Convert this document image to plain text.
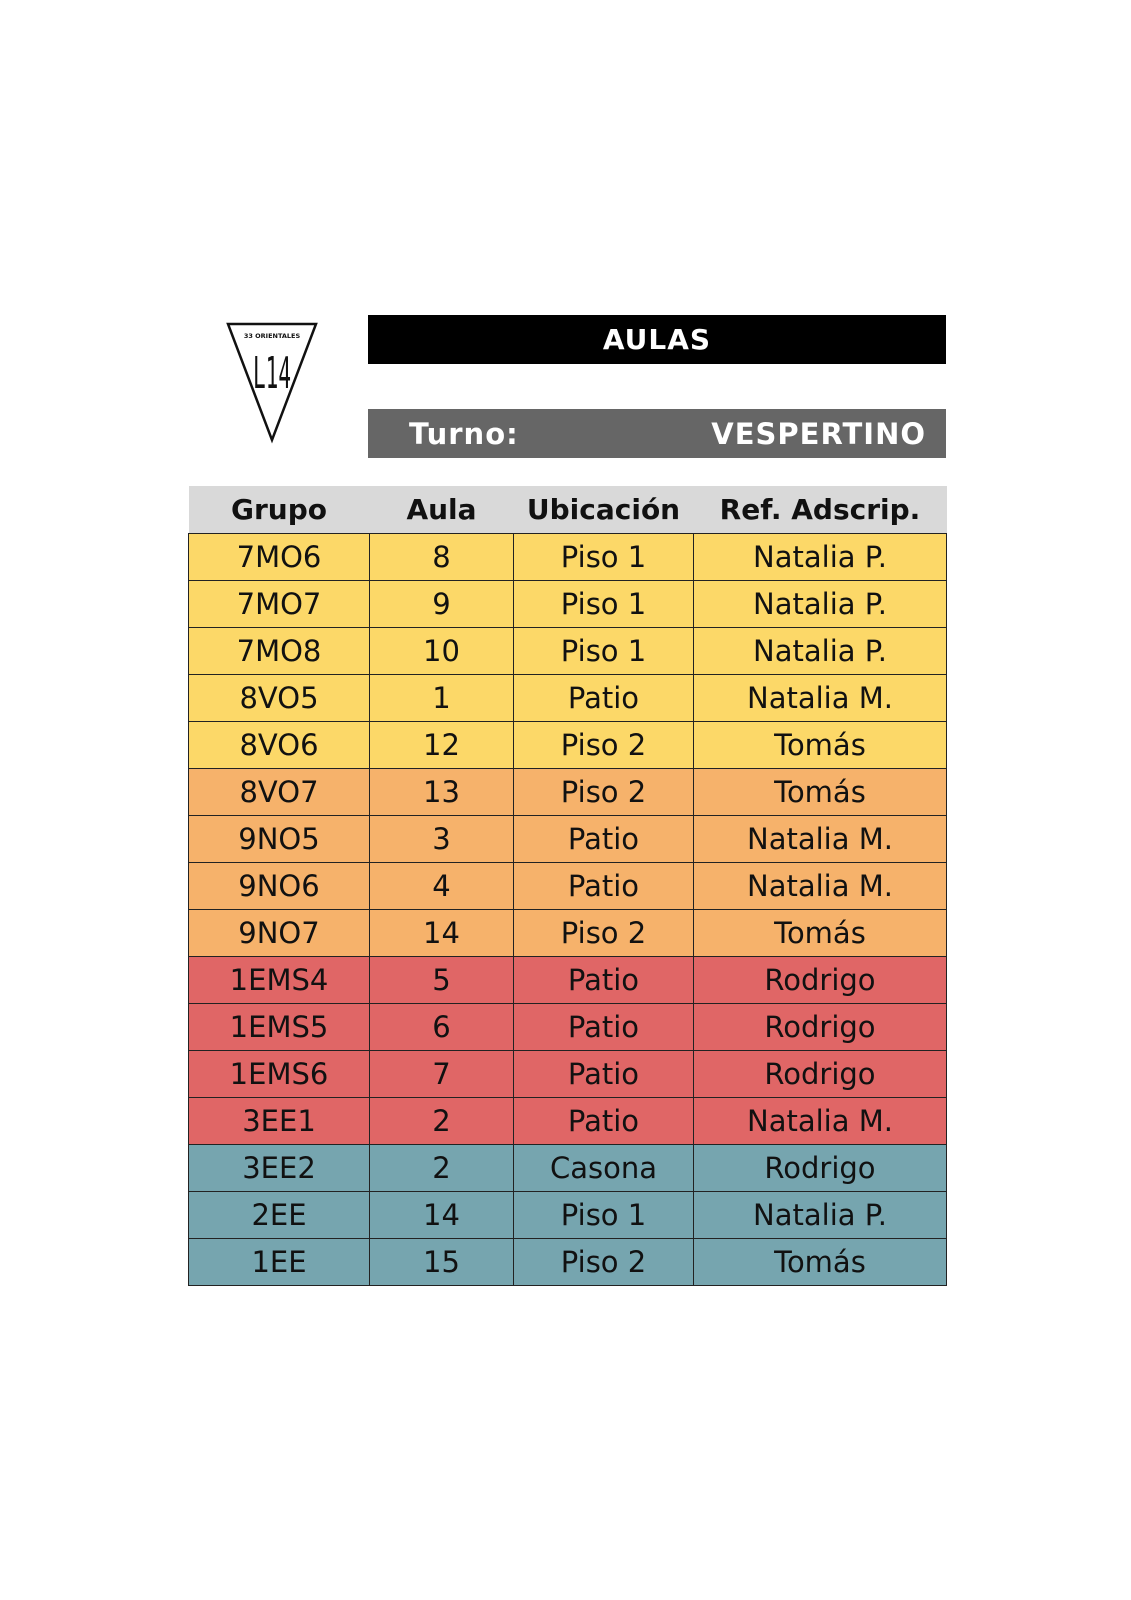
33 ORIENTALES
L14
AULAS
Turno:	VESPERTINO
Grupo	Aula	Ubicación	Ref. Adscrip.
7MO6	8	Piso 1	Natalia P.
7MO7	9	Piso 1	Natalia P.
7MO8	10	Piso 1	Natalia P.
8VO5	1	Patio	Natalia M.
8VO6	12	Piso 2	Tomás
8VO7	13	Piso 2	Tomás
9NO5	3	Patio	Natalia M.
9NO6	4	Patio	Natalia M.
9NO7	14	Piso 2	Tomás
1EMS4	5	Patio	Rodrigo
1EMS5	6	Patio	Rodrigo
1EMS6	7	Patio	Rodrigo
3EE1	2	Patio	Natalia M.
3EE2	2	Casona	Rodrigo
2EE	14	Piso 1	Natalia P.
1EE	15	Piso 2	Tomás
